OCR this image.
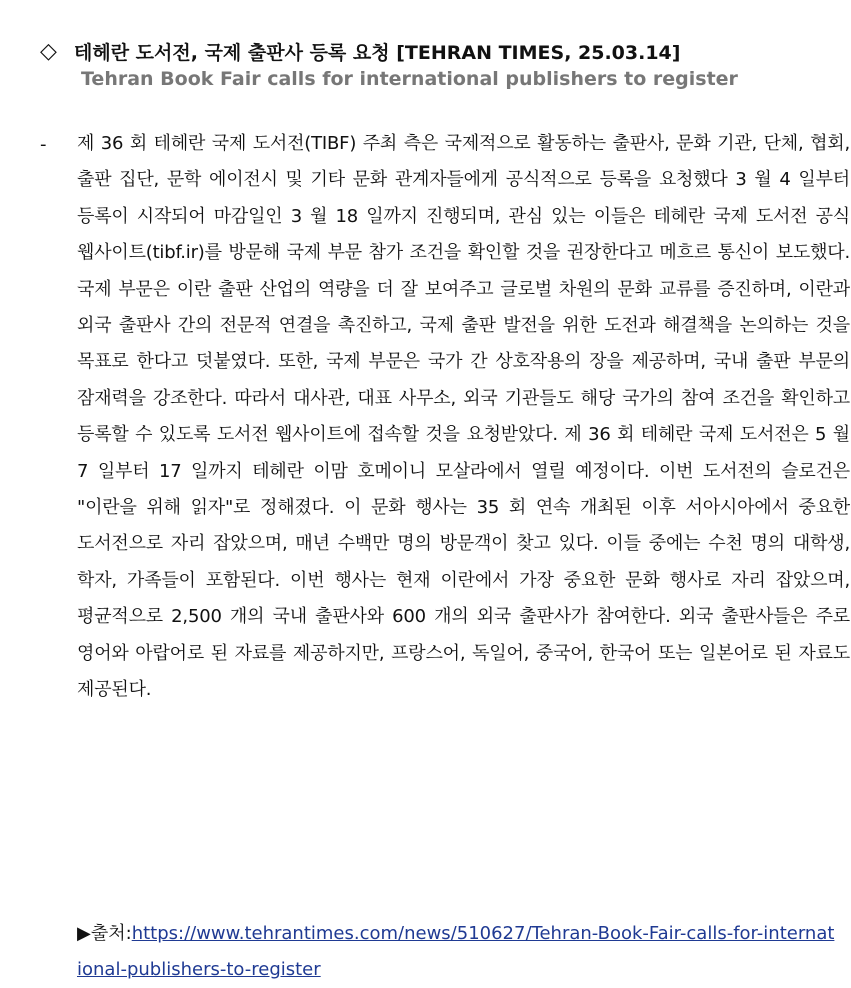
◇ 테헤란 도서전, 국제 출판사 등록 요청 [TEHRAN TIMES, 25.03.14]
Tehran Book Fair calls for international publishers to register
- 제 36 회 테헤란 국제 도서전(TIBF) 주최 측은 국제적으로 활동하는 출판사, 문화 기관, 단체, 협회, 출판 집단, 문학 에이전시 및 기타 문화 관계자들에게 공식적으로 등록을 요청했다 3 월 4 일부터 등록이 시작되어 마감일인 3 월 18 일까지 진행되며, 관심 있는 이들은 테헤란 국제 도서전 공식 웹사이트(tibf.ir)를 방문해 국제 부문 참가 조건을 확인할 것을 권장한다고 메흐르 통신이 보도했다. 국제 부문은 이란 출판 산업의 역량을 더 잘 보여주고 글로벌 차원의 문화 교류를 증진하며, 이란과 외국 출판사 간의 전문적 연결을 촉진하고, 국제 출판 발전을 위한 도전과 해결책을 논의하는 것을 목표로 한다고 덧붙였다. 또한, 국제 부문은 국가 간 상호작용의 장을 제공하며, 국내 출판 부문의 잠재력을 강조한다. 따라서 대사관, 대표 사무소, 외국 기관들도 해당 국가의 참여 조건을 확인하고 등록할 수 있도록 도서전 웹사이트에 접속할 것을 요청받았다. 제 36 회 테헤란 국제 도서전은 5 월 7 일부터 17 일까지 테헤란 이맘 호메이니 모살라에서 열릴 예정이다. 이번 도서전의 슬로건은 "이란을 위해 읽자"로 정해졌다. 이 문화 행사는 35 회 연속 개최된 이후 서아시아에서 중요한 도서전으로 자리 잡았으며, 매년 수백만 명의 방문객이 찾고 있다. 이들 중에는 수천 명의 대학생, 학자, 가족들이 포함된다. 이번 행사는 현재 이란에서 가장 중요한 문화 행사로 자리 잡았으며, 평균적으로 2,500 개의 국내 출판사와 600 개의 외국 출판사가 참여한다. 외국 출판사들은 주로 영어와 아랍어로 된 자료를 제공하지만, 프랑스어, 독일어, 중국어, 한국어 또는 일본어로 된 자료도 제공된다.

▶출처:https://www.tehrantimes.com/news/510627/Tehran-Book-Fair-calls-for-international-publishers-to-register
